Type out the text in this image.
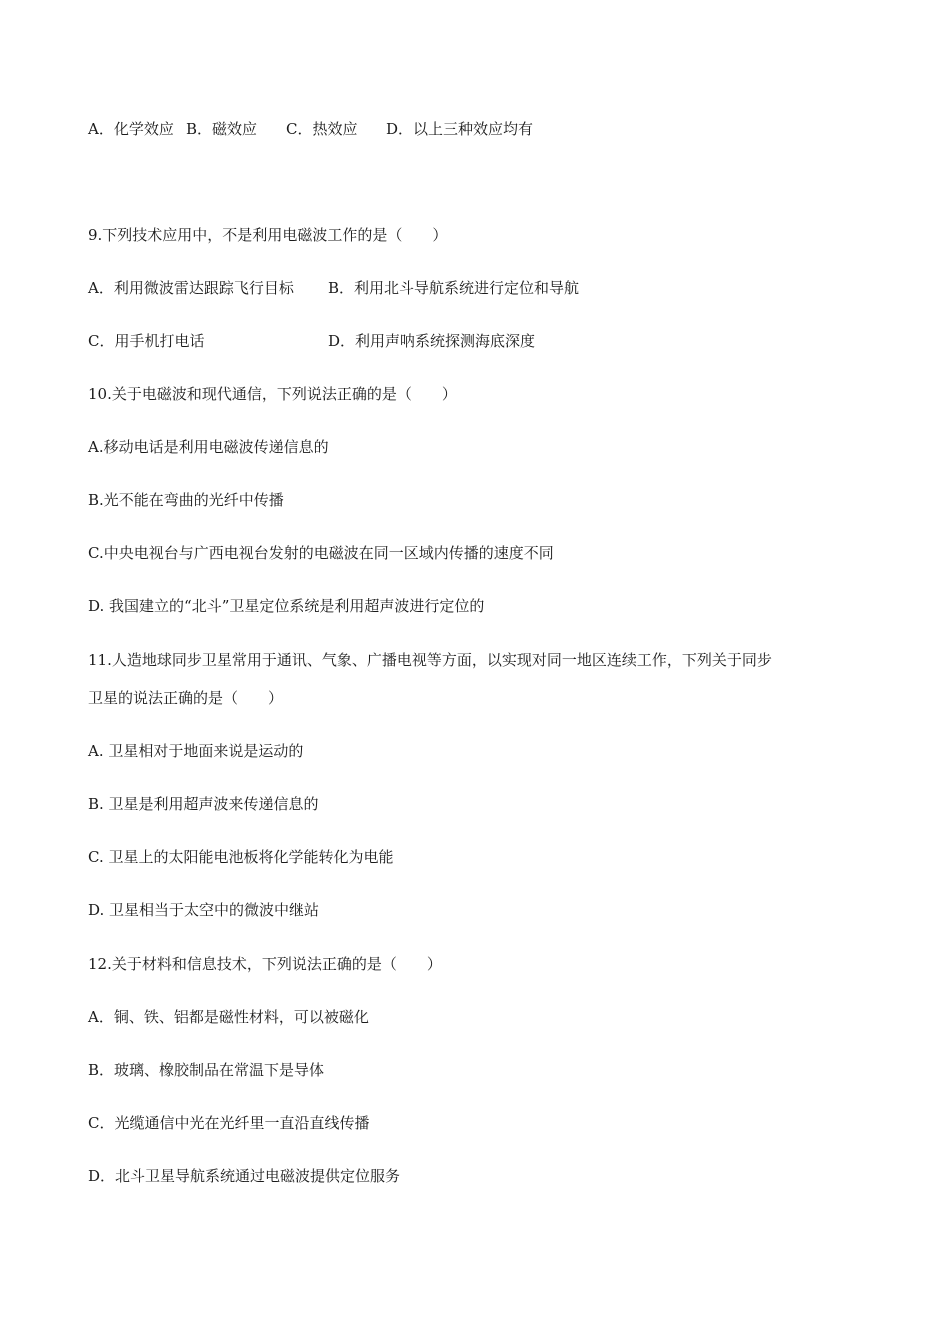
A．化学效应 B．磁效应 C．热效应 D．以上三种效应均有
9.下列技术应用中，不是利用电磁波工作的是（　　）
A．利用微波雷达跟踪飞行目标 B．利用北斗导航系统进行定位和导航
C．用手机打电话	D．利用声呐系统探测海底深度
10.关于电磁波和现代通信，下列说法正确的是（　　）
A.移动电话是利用电磁波传递信息的
B.光不能在弯曲的光纤中传播
C.中央电视台与广西电视台发射的电磁波在同一区域内传播的速度不同
D. 我国建立的“北斗”卫星定位系统是利用超声波进行定位的
11.人造地球同步卫星常用于通讯、气象、广播电视等方面，以实现对同一地区连续工作，下列关于同步
卫星的说法正确的是（　　）
A. 卫星相对于地面来说是运动的
B. 卫星是利用超声波来传递信息的
C. 卫星上的太阳能电池板将化学能转化为电能
D. 卫星相当于太空中的微波中继站
12.关于材料和信息技术，下列说法正确的是（　　）
A．铜、铁、铝都是磁性材料，可以被磁化
B．玻璃、橡胶制品在常温下是导体
C．光缆通信中光在光纤里一直沿直线传播
D．北斗卫星导航系统通过电磁波提供定位服务
